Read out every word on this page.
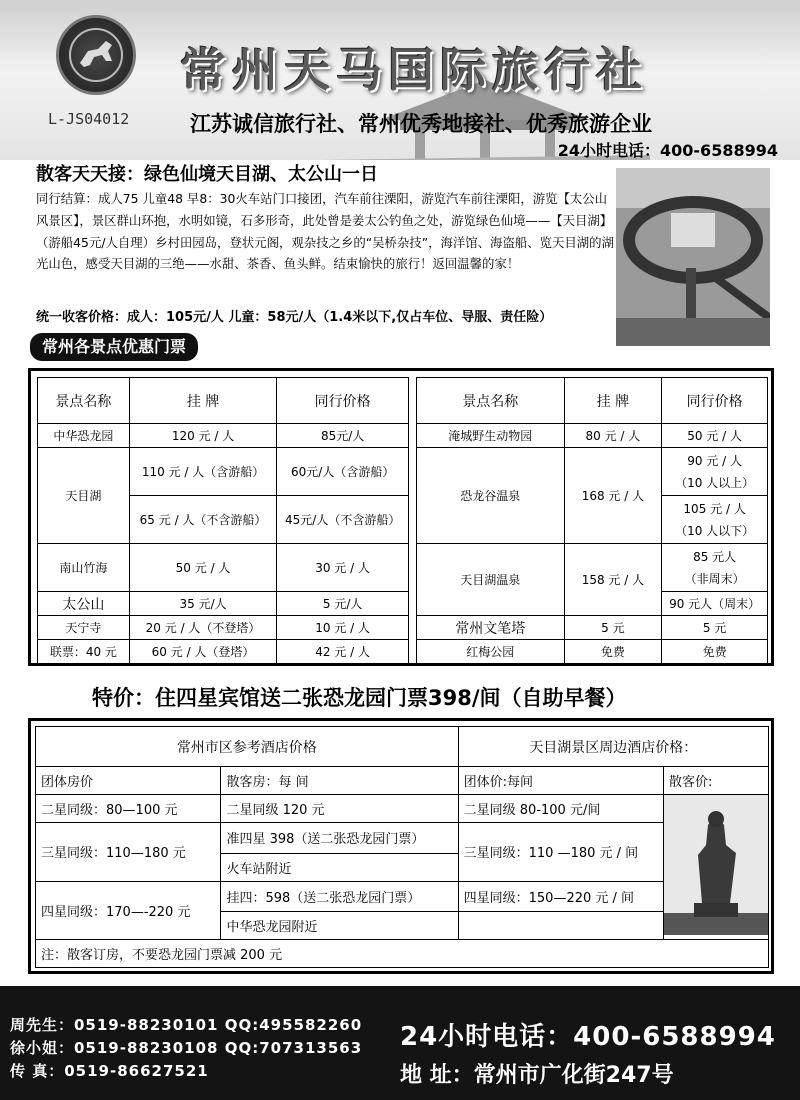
L-JS04012
常州天马国际旅行社
江苏诚信旅行社、常州优秀地接社、优秀旅游企业
24小时电话：400-6588994
散客天天接：绿色仙境天目湖、太公山一日
同行结算：成人75 儿童48 早8：30火车站门口接团，汽车前往溧阳，游览汽车前往溧阳，游览【太公山风景区】，景区群山环抱，水明如镜，石多形奇，此处曾是姜太公钓鱼之处，游览绿色仙境——【天目湖】（游船45元/人自理）乡村田园岛，登状元阁，观杂技之乡的“吴桥杂技”，海洋馆、海盗船、览天目湖的湖光山色，感受天目湖的三绝——水甜、茶香、鱼头鲜。结束愉快的旅行！返回温馨的家！
统一收客价格：成人：105元/人 儿童：58元/人（1.4米以下,仅占车位、导服、责任险）
常州各景点优惠门票
景点名称	挂 牌	同行价格
中华恐龙园	120 元 / 人	85元/人
天目湖	110 元 / 人（含游船）	60元/人（含游船）
	65 元 / 人（不含游船）	45元/人（不含游船）
南山竹海	50 元 / 人	30 元 / 人
太公山	35 元/人	5 元/人
天宁寺	20 元 / 人（不登塔）	10 元 / 人
联票：40 元	60 元 / 人（登塔）	42 元 / 人
景点名称	挂 牌	同行价格
淹城野生动物园	80 元 / 人	50 元 / 人
恐龙谷温泉	168 元 / 人	90 元 / 人
（10 人以上）

		105 元 / 人
（10 人以下）

天目湖温泉	158 元 / 人	85 元人
（非周末）

		90 元人（周末）
常州文笔塔	5 元	5 元
红梅公园	免费	免费
特价：住四星宾馆送二张恐龙园门票398/间（自助早餐）
常州市区参考酒店价格		天目湖景区周边酒店价格：	
团体房价	散客房：每 间	团体价:每间	散客价:
二星同级：80—100 元	二星同级 120 元	二星同级 80-100 元/间	
三星同级：110—180 元	准四星 398（送二张恐龙园门票）	三星同级：110 —180 元 / 间	
	火车站附近		
四星同级：170—-220 元	挂四：598（送二张恐龙园门票）	四星同级：150—220 元 / 间	
	中华恐龙园附近		
注：散客订房，不要恐龙园门票减 200 元			
周先生：0519-88230101 QQ:495582260
徐小姐：0519-88230108 QQ:707313563
传 真：0519-86627521
24小时电话：400-6588994
地 址：常州市广化街247号
